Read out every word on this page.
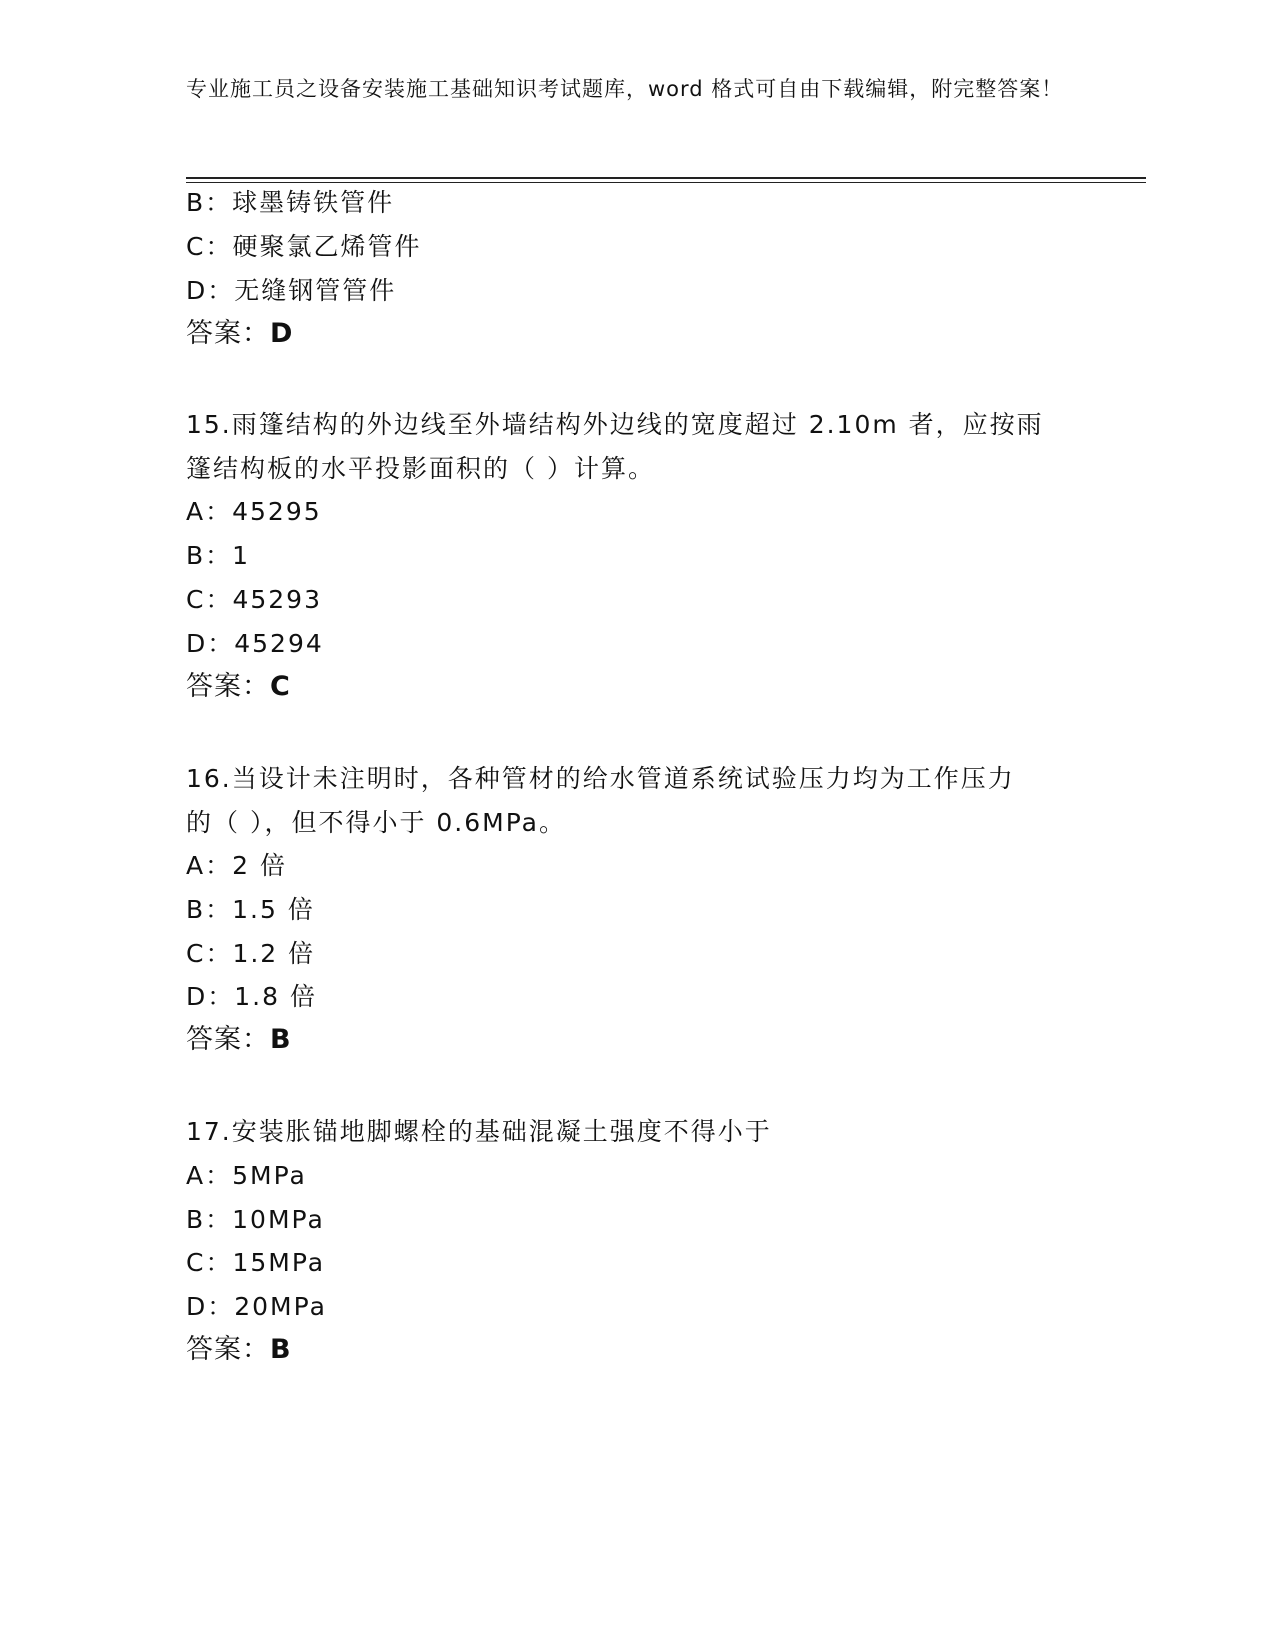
专业施工员之设备安装施工基础知识考试题库，word 格式可自由下载编辑，附完整答案！
B：球墨铸铁管件
C：硬聚氯乙烯管件
D：无缝钢管管件
答案：D
15.雨篷结构的外边线至外墙结构外边线的宽度超过 2.10m 者，应按雨
篷结构板的水平投影面积的（ ）计算。
A：45295
B：1
C：45293
D：45294
答案：C
16.当设计未注明时，各种管材的给水管道系统试验压力均为工作压力
的（ ），但不得小于 0.6MPa。
A：2 倍
B：1.5 倍
C：1.2 倍
D：1.8 倍
答案：B
17.安装胀锚地脚螺栓的基础混凝土强度不得小于
A：5MPa
B：10MPa
C：15MPa
D：20MPa
答案：B
